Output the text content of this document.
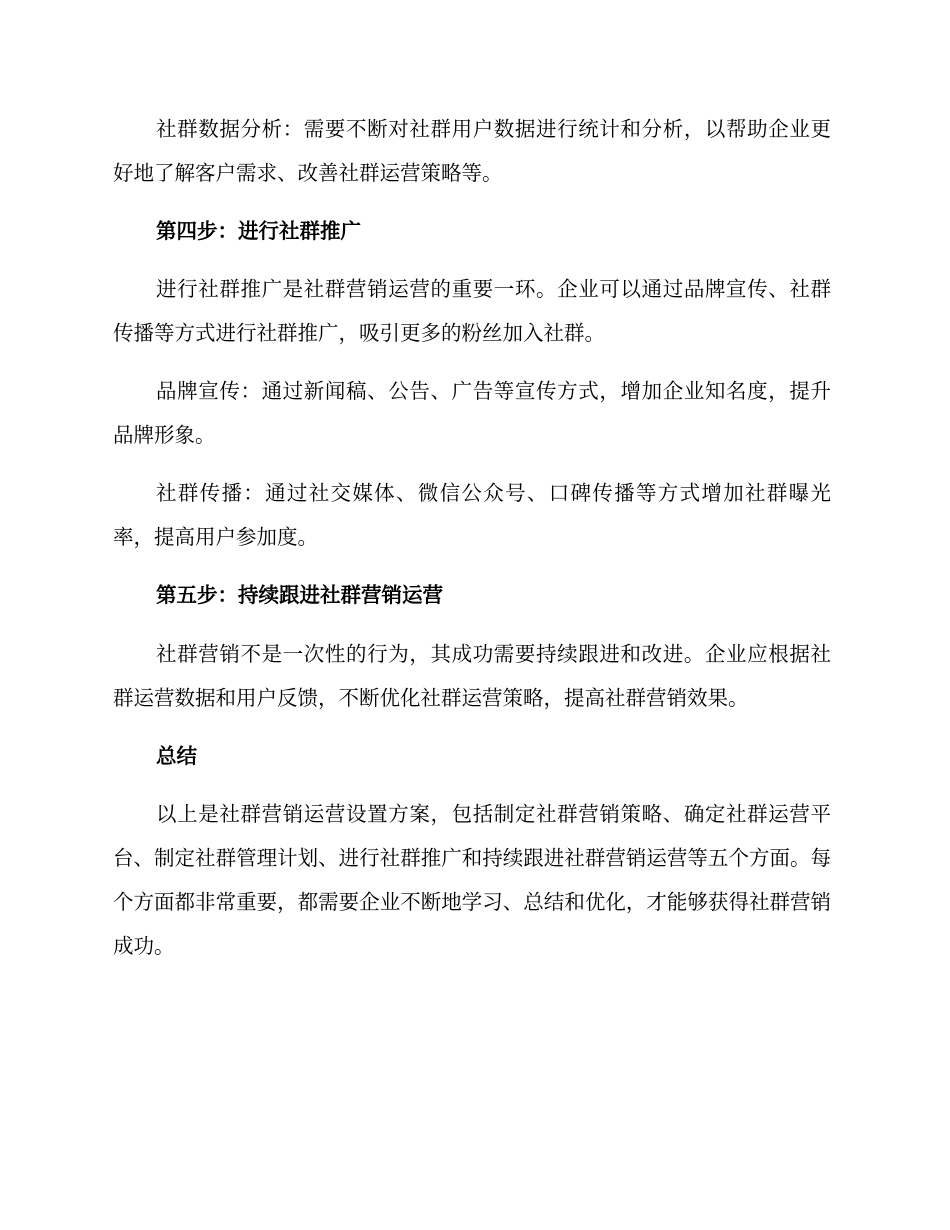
社群数据分析：需要不断对社群用户数据进行统计和分析，以帮助企业更好地了解客户需求、改善社群运营策略等。

第四步：进行社群推广

进行社群推广是社群营销运营的重要一环。企业可以通过品牌宣传、社群传播等方式进行社群推广，吸引更多的粉丝加入社群。

品牌宣传：通过新闻稿、公告、广告等宣传方式，增加企业知名度，提升品牌形象。

社群传播：通过社交媒体、微信公众号、口碑传播等方式增加社群曝光率，提高用户参加度。

第五步：持续跟进社群营销运营

社群营销不是一次性的行为，其成功需要持续跟进和改进。企业应根据社群运营数据和用户反馈，不断优化社群运营策略，提高社群营销效果。

总结

以上是社群营销运营设置方案，包括制定社群营销策略、确定社群运营平台、制定社群管理计划、进行社群推广和持续跟进社群营销运营等五个方面。每个方面都非常重要，都需要企业不断地学习、总结和优化，才能够获得社群营销成功。
